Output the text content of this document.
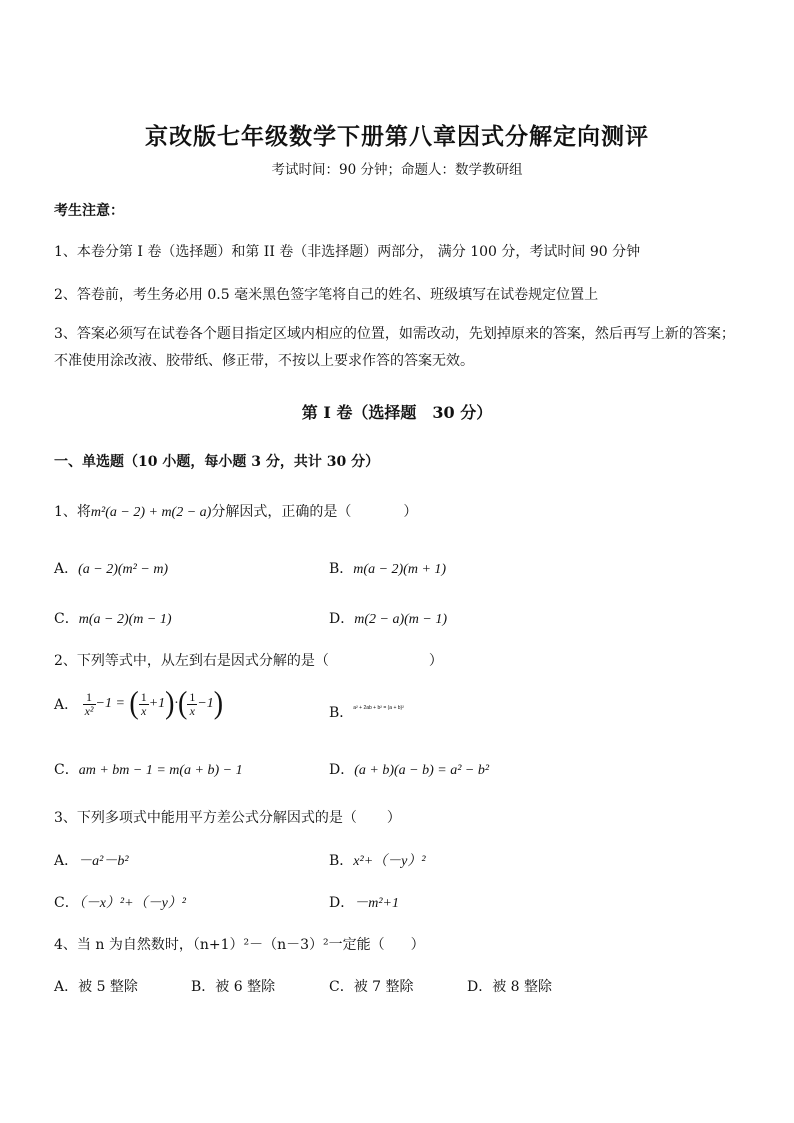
京改版七年级数学下册第八章因式分解定向测评
考试时间：90 分钟；命题人：数学教研组
考生注意：
1、本卷分第 I 卷（选择题）和第 II 卷（非选择题）两部分， 满分 100 分，考试时间 90 分钟
2、答卷前，考生务必用 0.5 毫米黑色签字笔将自己的姓名、班级填写在试卷规定位置上
3、答案必须写在试卷各个题目指定区域内相应的位置，如需改动，先划掉原来的答案，然后再写上新的答案；不准使用涂改液、胶带纸、修正带，不按以上要求作答的答案无效。
第 I 卷（选择题　30 分）
一、单选题（10 小题，每小题 3 分，共计 30 分）
1、将m²(a − 2) + m(2 − a)分解因式，正确的是（	）
A．(a − 2)(m² − m)	B．m(a − 2)(m + 1)
C．m(a − 2)(m − 1)	D．m(2 − a)(m − 1)
2、下列等式中，从左到右是因式分解的是（	）
A． $\frac{1}{\text{x²}} -1$ = ( $\frac{1}{x} +1)\cdot( \frac{1}{x} -1)$	B．$^{a^2 + 2ab + b^2 = (a + b)^2}$
C．am + bm − 1 = m(a + b) − 1	D．(a + b)(a − b) = a² − b²
3、下列多项式中能用平方差公式分解因式的是（ ）
A．－a²－b²	B．x²+（－y）²
C．（－x）²+（－y）²	D．－m²+1
4、当 n 为自然数时，（n+1）²－（n－3）²一定能（ ）
A．被 5 整除	B．被 6 整除	C．被 7 整除	D．被 8 整除
